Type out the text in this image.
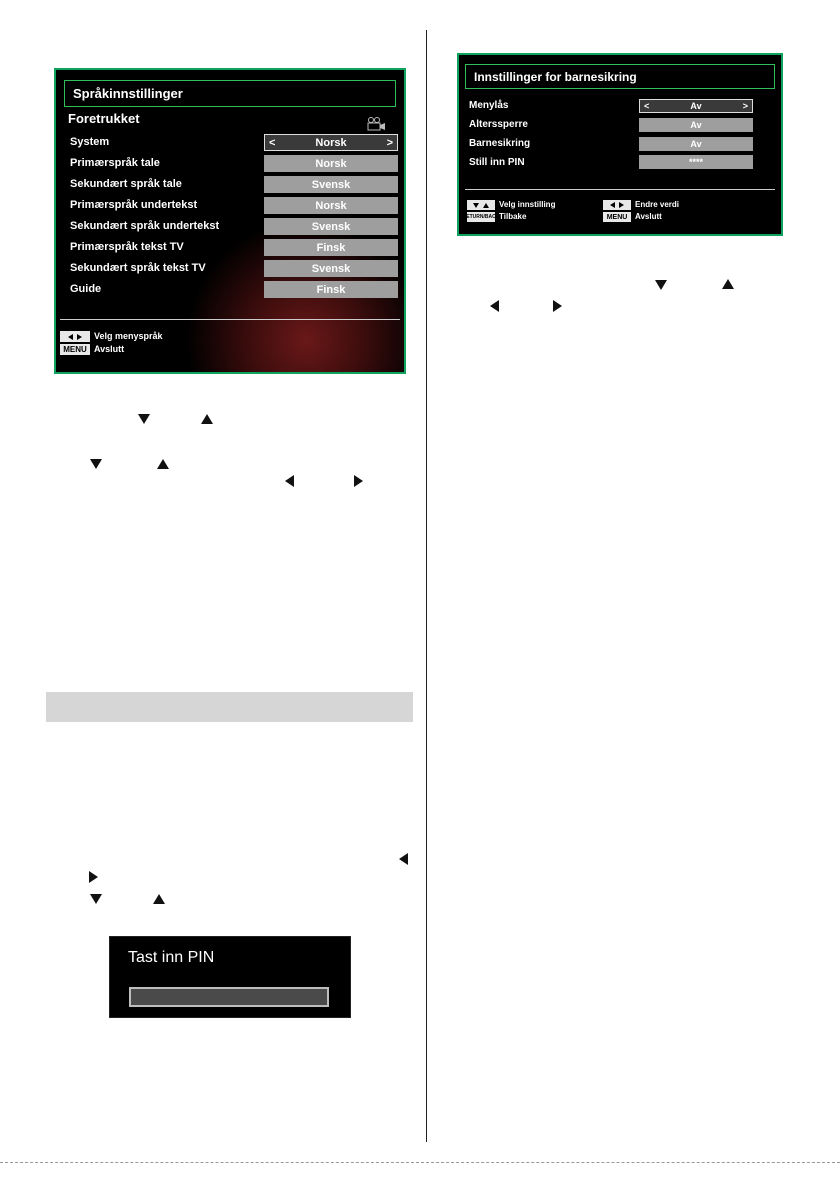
Språkinnstillinger
Foretrukket
System	<	Norsk	>
Primærspråk tale	Norsk
Sekundært språk tale	Svensk
Primærspråk undertekst	Norsk
Sekundært språk undertekst	Svensk
Primærspråk tekst TV	Finsk
Sekundært språk tekst TV	Svensk
Guide	Finsk
Velg menyspråk
MENU Avslutt
Tast inn PIN
Innstillinger for barnesikring
Menylås	<	Av	>
Alterssperre	Av
Barnesikring	Av
Still inn PIN	****
Velg innstilling	Endre verdi
RETURN/BACK Tilbake	MENU Avslutt
